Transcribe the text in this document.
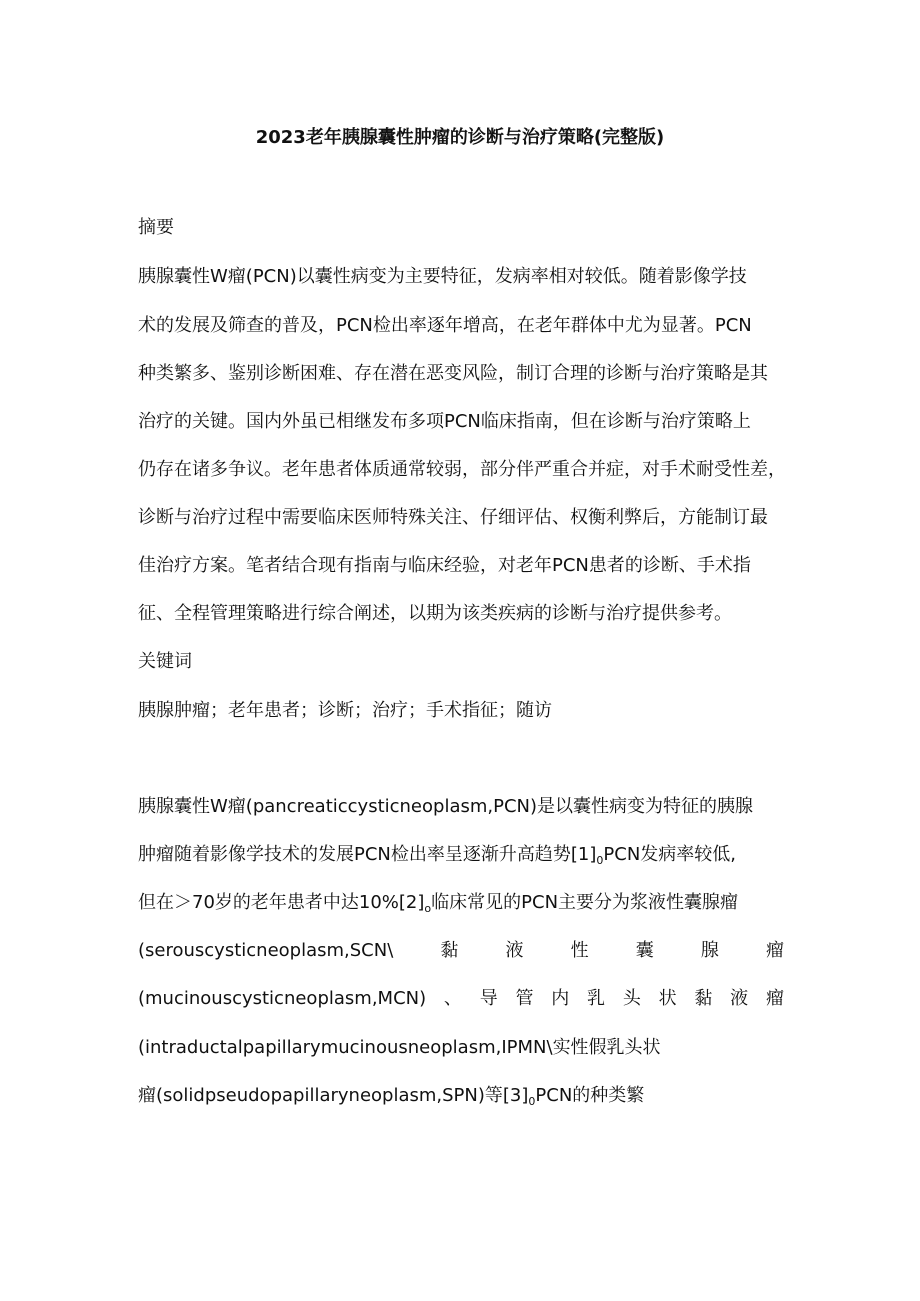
2023老年胰腺囊性肿瘤的诊断与治疗策略(完整版)
摘要
胰腺囊性W瘤(PCN)以囊性病变为主要特征，发病率相对较低。随着影像学技
术的发展及筛查的普及，PCN检出率逐年增高，在老年群体中尤为显著。PCN
种类繁多、鉴别诊断困难、存在潜在恶变风险，制订合理的诊断与治疗策略是其
治疗的关键。国内外虽已相继发布多项PCN临床指南，但在诊断与治疗策略上
仍存在诸多争议。老年患者体质通常较弱，部分伴严重合并症，对手术耐受性差，
诊断与治疗过程中需要临床医师特殊关注、仔细评估、权衡利弊后，方能制订最
佳治疗方案。笔者结合现有指南与临床经验，对老年PCN患者的诊断、手术指
征、全程管理策略进行综合阐述，以期为该类疾病的诊断与治疗提供参考。
关键词
胰腺肿瘤；老年患者；诊断；治疗；手术指征；随访
胰腺囊性W瘤(pancreaticcysticneoplasm,PCN)是以囊性病变为特征的胰腺
肿瘤随着影像学技术的发展PCN检出率呈逐渐升高趋势$[1]_0PCN$发病率较低,
但在＞70岁的老年患者中达$10\%[2]_o$临床常见的PCN主要分为浆液性囊腺瘤
(serouscysticneoplasm,SCN\	黏	液	性	囊	腺	瘤
(mucinouscysticneoplasm,MCN) 、 导 管 内 乳 头 状 黏 液 瘤
(intraductalpapillarymucinousneoplasm,IPMN\实性假乳头状
瘤(solidpseudopapillaryneoplasm,SPN)等$[3]_0PCN$的种类繁
